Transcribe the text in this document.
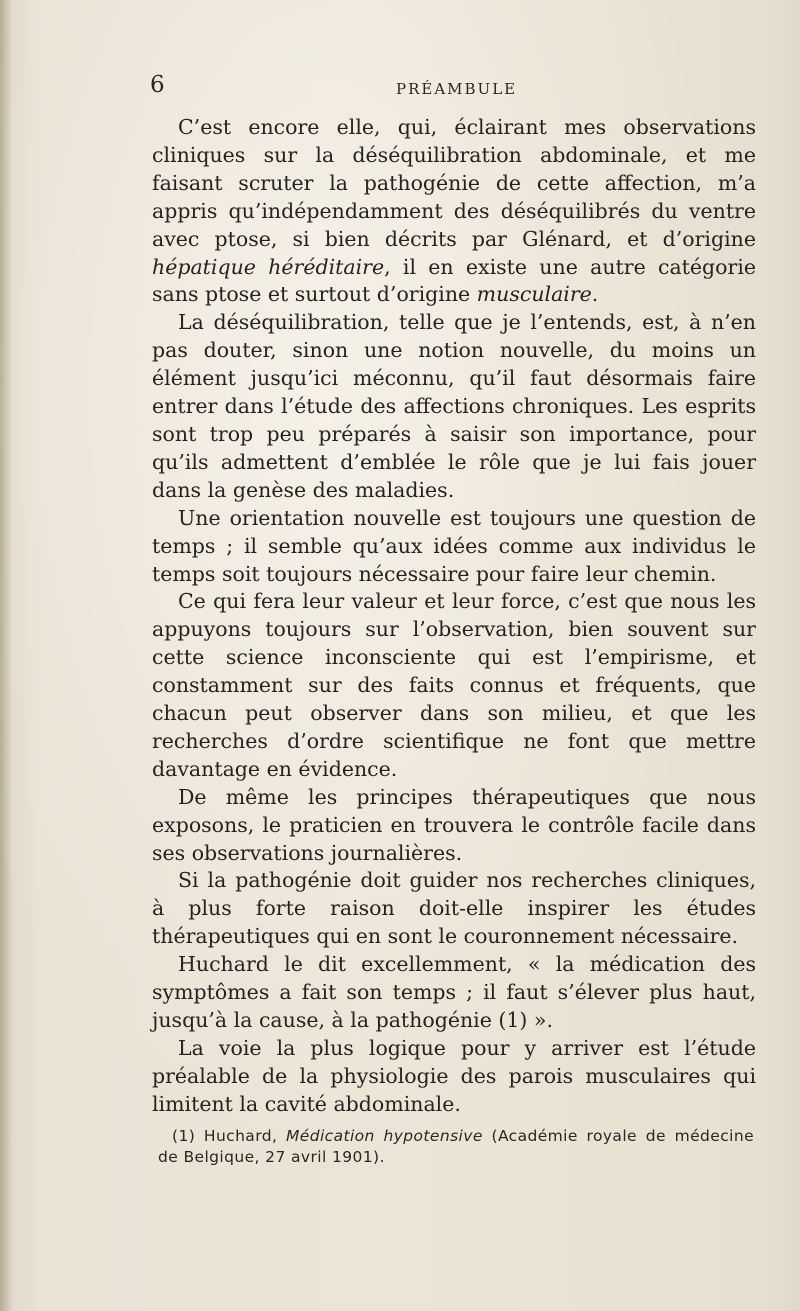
6	PRÉAMBULE

C’est encore elle, qui, éclairant mes observations cliniques sur la déséquilibration abdominale, et me faisant scruter la pathogénie de cette affection, m’a appris qu’indépendamment des déséquilibrés du ventre avec ptose, si bien décrits par Glénard, et d’origine hépatique héréditaire, il en existe une autre catégorie sans ptose et surtout d’origine musculaire.

La déséquilibration, telle que je l’entends, est, à n’en pas douter, sinon une notion nouvelle, du moins un élément jusqu’ici méconnu, qu’il faut désormais faire entrer dans l’étude des affections chroniques. Les esprits sont trop peu préparés à saisir son importance, pour qu’ils admettent d’emblée le rôle que je lui fais jouer dans la genèse des maladies.

Une orientation nouvelle est toujours une question de temps ; il semble qu’aux idées comme aux individus le temps soit toujours nécessaire pour faire leur chemin.

Ce qui fera leur valeur et leur force, c’est que nous les appuyons toujours sur l’observation, bien souvent sur cette science inconsciente qui est l’empirisme, et constamment sur des faits connus et fréquents, que chacun peut observer dans son milieu, et que les recherches d’ordre scientifique ne font que mettre davantage en évidence.

De même les principes thérapeutiques que nous exposons, le praticien en trouvera le contrôle facile dans ses observations journalières.

Si la pathogénie doit guider nos recherches cliniques, à plus forte raison doit-elle inspirer les études thérapeutiques qui en sont le couronnement nécessaire.

Huchard le dit excellemment, « la médication des symptômes a fait son temps ; il faut s’élever plus haut, jusqu’à la cause, à la pathogénie (1) ».

La voie la plus logique pour y arriver est l’étude préalable de la physiologie des parois musculaires qui limitent la cavité abdominale.

(1) Huchard, Médication hypotensive (Académie royale de médecine de Belgique, 27 avril 1901).
